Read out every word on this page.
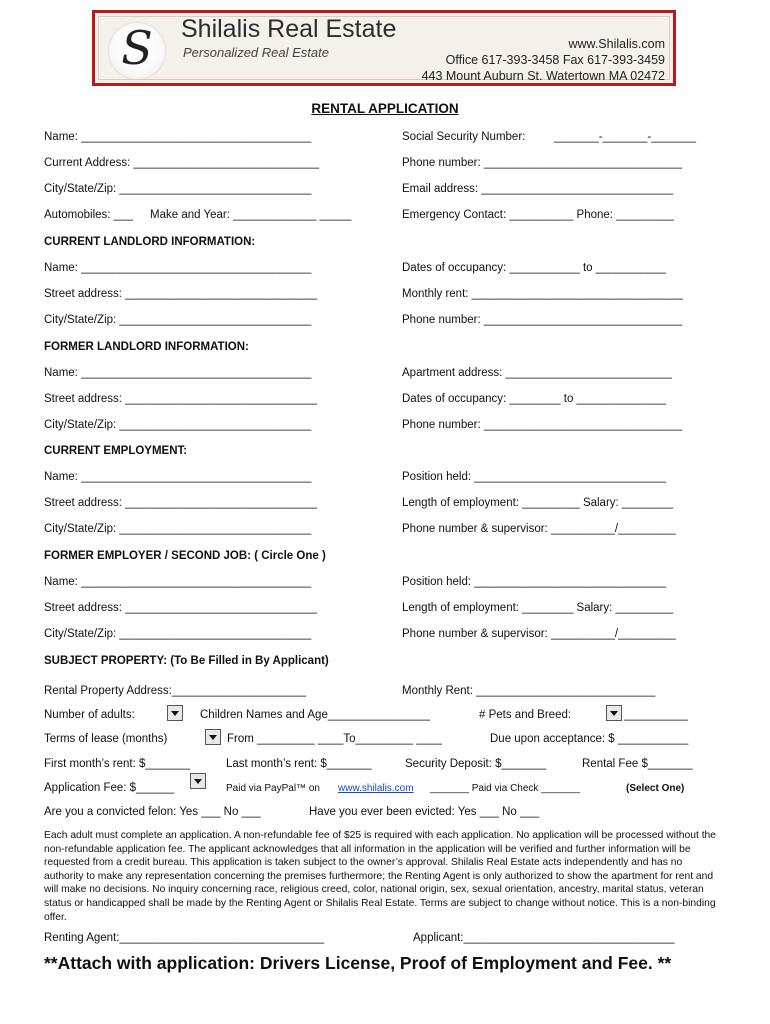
S	Shilalis Real Estate
Personalized Real Estate
www.Shilalis.com
Office 617-393-3458 Fax 617-393-3459
443 Mount Auburn St. Watertown MA 02472
RENTAL APPLICATION
Name: ____________________________________	Social Security Number: _______-_______-_______
Current Address: _____________________________	Phone number: _______________________________
City/State/Zip: ______________________________	Email address: ______________________________
Automobiles: ___ Make and Year: _____________ _____	Emergency Contact: __________ Phone: _________
CURRENT LANDLORD INFORMATION:
Name: ____________________________________	Dates of occupancy: ___________ to ___________
Street address: ______________________________	Monthly rent: _________________________________
City/State/Zip: ______________________________	Phone number: _______________________________
FORMER LANDLORD INFORMATION:
Name: ____________________________________	Apartment address: __________________________
Street address: ______________________________	Dates of occupancy: ________ to ______________
City/State/Zip: ______________________________	Phone number: _______________________________
CURRENT EMPLOYMENT:
Name: ____________________________________	Position held: ______________________________
Street address: ______________________________	Length of employment: _________ Salary: ________
City/State/Zip: ______________________________	Phone number & supervisor: __________/_________
FORMER EMPLOYER / SECOND JOB: ( Circle One )
Name: ____________________________________	Position held: ______________________________
Street address: ______________________________	Length of employment: ________ Salary: _________
City/State/Zip: ______________________________	Phone number & supervisor: __________/_________
SUBJECT PROPERTY: (To Be Filled in By Applicant)
Rental Property Address:_____________________	Monthly Rent: ____________________________
Number of adults:	Children Names and Age________________	# Pets and Breed:	__________
Terms of lease (months)	From _________ ____To_________ ____	Due upon acceptance: $ ___________
First month’s rent: $_______	Last month’s rent: $_______	Security Deposit: $_______	Rental Fee $_______
Application Fee: $______	Paid via PayPal™ on www.shilalis.com _______ Paid via Check _______	(Select One)
Are you a convicted felon: Yes ___ No ___	Have you ever been evicted: Yes ___ No ___
Each adult must complete an application. A non-refundable fee of $25 is required with each application. No application will be processed without the non-refundable application fee. The applicant acknowledges that all information in the application will be verified and further information will be requested from a credit bureau. This application is taken subject to the owner’s approval. Shilalis Real Estate acts independently and has no authority to make any representation concerning the premises furthermore; the Renting Agent is only authorized to show the apartment for rent and will make no decisions. No inquiry concerning race, religious creed, color, national origin, sex, sexual orientation, ancestry, marital status, veteran status or handicapped shall be made by the Renting Agent or Shilalis Real Estate. Terms are subject to change without notice. This is a non-binding offer.
Renting Agent:________________________________	Applicant:_________________________________
**Attach with application: Drivers License, Proof of Employment and Fee. **
